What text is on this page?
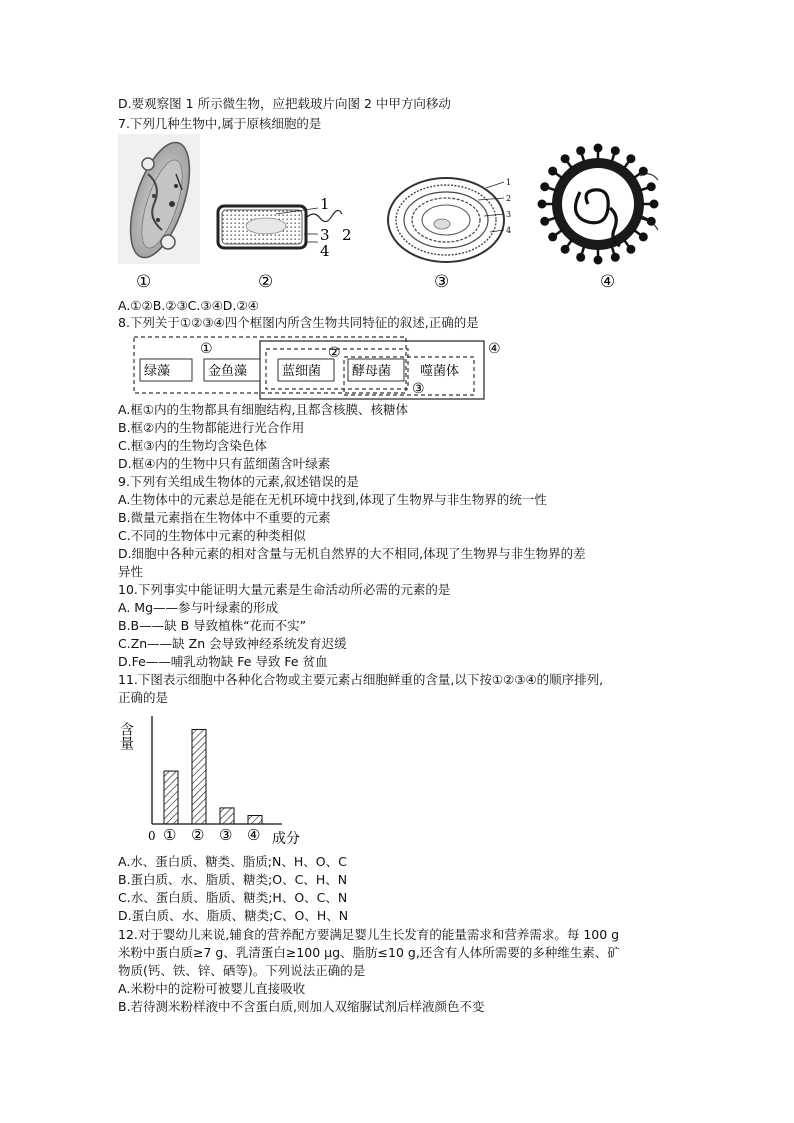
D.要观察图 1 所示微生物，应把载玻片向图 2 中甲方向移动
7.下列几种生物中,属于原核细胞的是
①
1
2
3
4
②
1
2
3
4
③	④
A.①②B.②③C.③④D.②④
8.下列关于①②③④四个框图内所含生物共同特征的叙述,正确的是
①	②
③
④
绿藻	金鱼藻	蓝细菌 酵母菌 噬菌体
A.框①内的生物都具有细胞结构,且都含核膜、核糖体
B.框②内的生物都能进行光合作用
C.框③内的生物均含染色体
D.框④内的生物中只有蓝细菌含叶绿素
9.下列有关组成生物体的元素,叙述错误的是
A.生物体中的元素总是能在无机环境中找到,体现了生物界与非生物界的统一性
B.微量元素指在生物体中不重要的元素
C.不同的生物体中元素的种类相似
D.细胞中各种元素的相对含量与无机自然界的大不相同,体现了生物界与非生物界的差
异性
10.下列事实中能证明大量元素是生命活动所必需的元素的是
A. Mg——参与叶绿素的形成
B.B——缺 B 导致植株“花而不实”
C.Zn——缺 Zn 会导致神经系统发育迟缓
D.Fe——哺乳动物缺 Fe 导致 Fe 贫血
11.下图表示细胞中各种化合物或主要元素占细胞鲜重的含量,以下按①②③④的顺序排列,
正确的是
含量
0	成分
① ② ③ ④
A.水、蛋白质、糖类、脂质;N、H、O、C
B.蛋白质、水、脂质、糖类;O、C、H、N
C.水、蛋白质、脂质、糖类;H、O、C、N
D.蛋白质、水、脂质、糖类;C、O、H、N
12.对于婴幼儿来说,辅食的营养配方要满足婴儿生长发育的能量需求和营养需求。每 100 g
米粉中蛋白质≥7 g、乳清蛋白≥100 μg、脂肪≤10 g,还含有人体所需要的多种维生素、矿
物质(钙、铁、锌、硒等)。下列说法正确的是
A.米粉中的淀粉可被婴儿直接吸收
B.若待测米粉样液中不含蛋白质,则加人双缩脲试剂后样液颜色不变
